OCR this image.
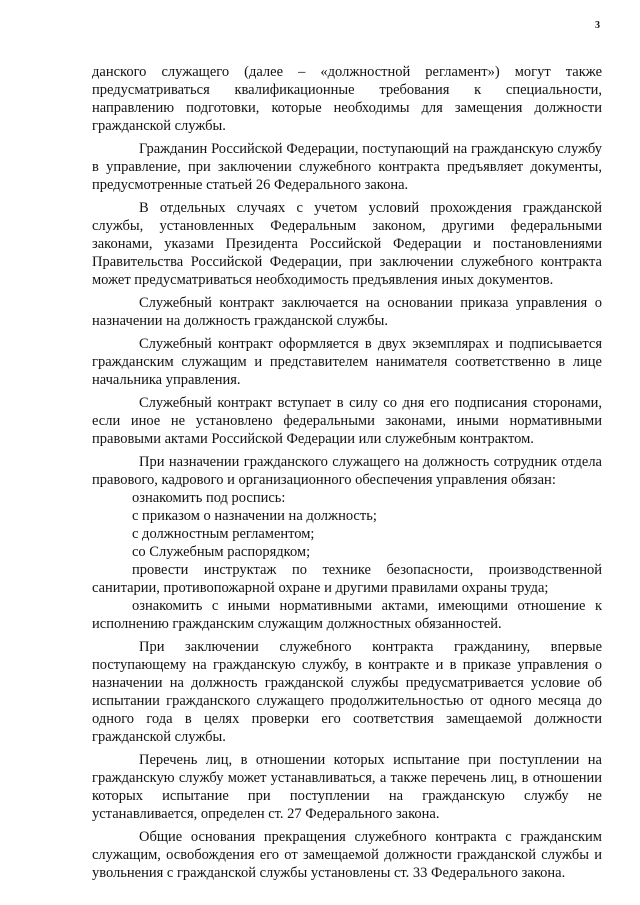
3

данского служащего (далее – «должностной регламент») могут также предусматриваться квалификационные требования к специальности, направлению подготовки, которые необходимы для замещения должности гражданской службы.

Гражданин Российской Федерации, поступающий на гражданскую службу в управление, при заключении служебного контракта предъявляет документы, предусмотренные статьей 26 Федерального закона.

В отдельных случаях с учетом условий прохождения гражданской службы, установленных Федеральным законом, другими федеральными законами, указами Президента Российской Федерации и постановлениями Правительства Российской Федерации, при заключении служебного контракта может предусматриваться необходимость предъявления иных документов.

Служебный контракт заключается на основании приказа управления о назначении на должность гражданской службы.

Служебный контракт оформляется в двух экземплярах и подписывается гражданским служащим и представителем нанимателя соответственно в лице начальника управления.

Служебный контракт вступает в силу со дня его подписания сторонами, если иное не установлено федеральными законами, иными нормативными правовыми актами Российской Федерации или служебным контрактом.

При назначении гражданского служащего на должность сотрудник отдела правового, кадрового и организационного обеспечения управления обязан:

ознакомить под роспись:

с приказом о назначении на должность;

с должностным регламентом;

со Служебным распорядком;

провести инструктаж по технике безопасности, производственной санитарии, противопожарной охране и другими правилами охраны труда;

ознакомить с иными нормативными актами, имеющими отношение к исполнению гражданским служащим должностных обязанностей.

При заключении служебного контракта гражданину, впервые поступающему на гражданскую службу, в контракте и в приказе управления о назначении на должность гражданской службы предусматривается условие об испытании гражданского служащего продолжительностью от одного месяца до одного года в целях проверки его соответствия замещаемой должности гражданской службы.

Перечень лиц, в отношении которых испытание при поступлении на гражданскую службу может устанавливаться, а также перечень лиц, в отношении которых испытание при поступлении на гражданскую службу не устанавливается, определен ст. 27 Федерального закона.

Общие основания прекращения служебного контракта с гражданским служащим, освобождения его от замещаемой должности гражданской службы и увольнения с гражданской службы установлены ст. 33 Федерального закона.
